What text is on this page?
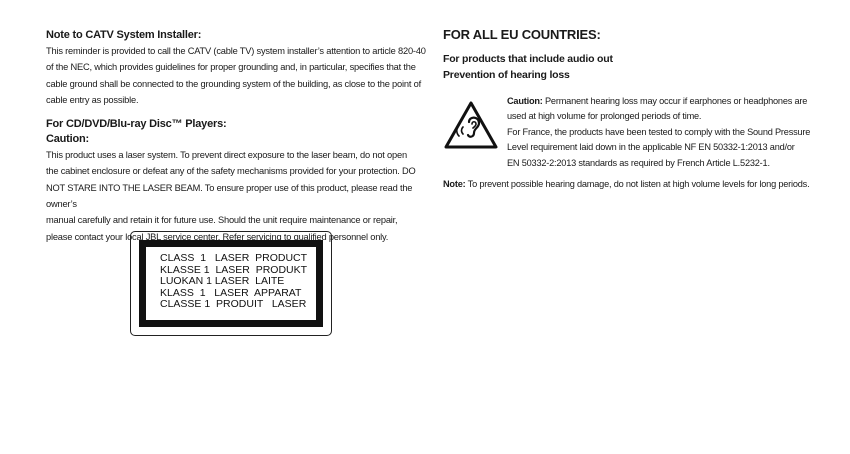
Note to CATV System Installer:

This reminder is provided to call the CATV (cable TV) system installer’s attention to article 820-40

of the NEC, which provides guidelines for proper grounding and, in particular, specifies that the

cable ground shall be connected to the grounding system of the building, as close to the point of

cable entry as possible.

For CD/DVD/Blu-ray Disc™ Players:

Caution:

This product uses a laser system. To prevent direct exposure to the laser beam, do not open

the cabinet enclosure or defeat any of the safety mechanisms provided for your protection. DO

NOT STARE INTO THE LASER BEAM. To ensure proper use of this product, please read the owner’s

manual carefully and retain it for future use. Should the unit require maintenance or repair,

please contact your local JBL service center. Refer servicing to qualified personnel only.

CLASS  1   LASER  PRODUCT

KLASSE 1  LASER  PRODUKT

LUOKAN 1 LASER  LAITE

KLASS  1   LASER  APPARAT

CLASSE 1  PRODUIT   LASER

FOR ALL EU COUNTRIES:

For products that include audio out

Prevention of hearing loss

Caution: Permanent hearing loss may occur if earphones or headphones are

used at high volume for prolonged periods of time.

For France, the products have been tested to comply with the Sound Pressure

Level requirement laid down in the applicable NF EN 50332-1:2013 and/or

EN 50332-2:2013 standards as required by French Article L.5232-1.

Note: To prevent possible hearing damage, do not listen at high volume levels for long periods.
